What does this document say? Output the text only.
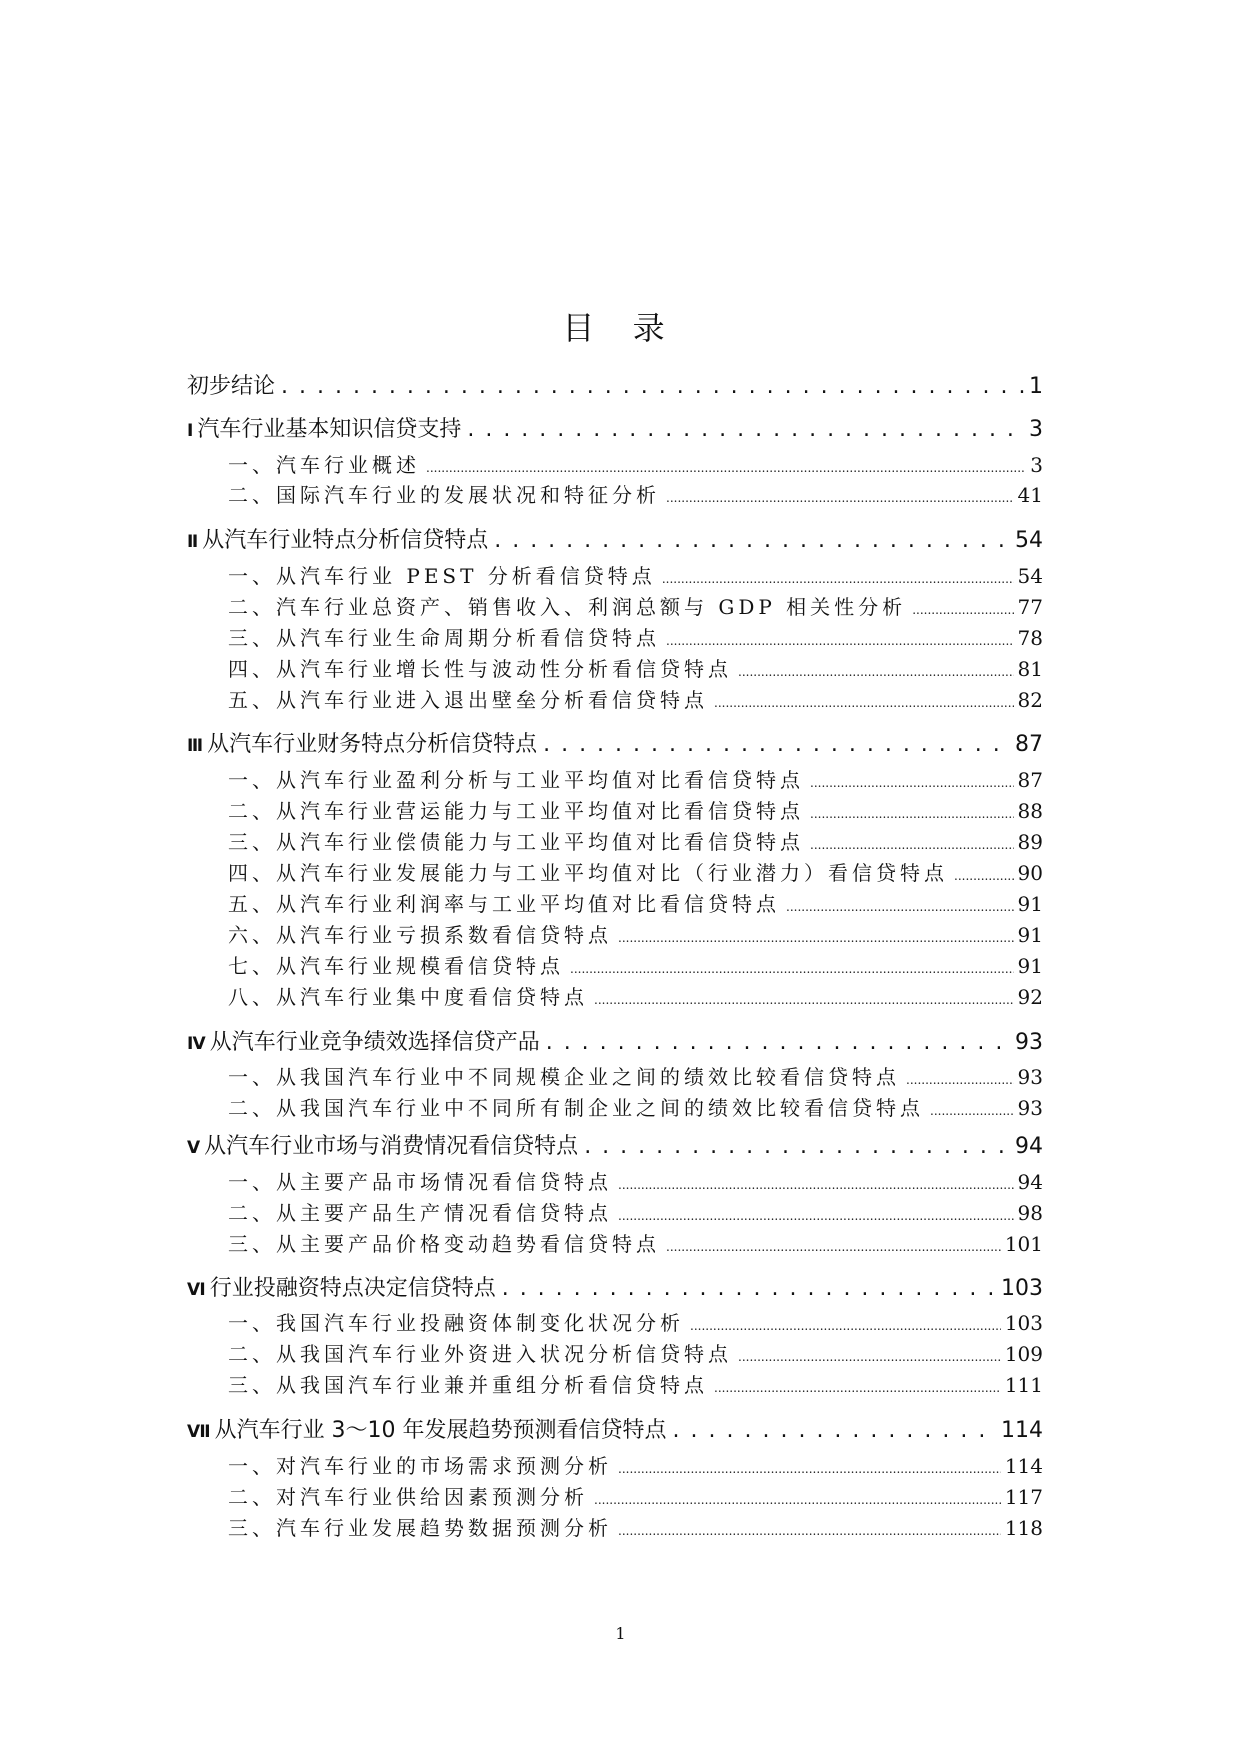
目 录
初步结论 . . .	1
Ⅰ 汽车行业基本知识信贷支持 . . .	3
一、汽车行业概述 .....	3
二、国际汽车行业的发展状况和特征分析 .....	41
Ⅱ 从汽车行业特点分析信贷特点 . . .	54
一、从汽车行业 PEST 分析看信贷特点 .....	54
二、汽车行业总资产、销售收入、利润总额与 GDP 相关性分析 .....	77
三、从汽车行业生命周期分析看信贷特点 .....	78
四、从汽车行业增长性与波动性分析看信贷特点 .....	81
五、从汽车行业进入退出壁垒分析看信贷特点 .....	82
Ⅲ 从汽车行业财务特点分析信贷特点 . . .	87
一、从汽车行业盈利分析与工业平均值对比看信贷特点 .....	87
二、从汽车行业营运能力与工业平均值对比看信贷特点 .....	88
三、从汽车行业偿债能力与工业平均值对比看信贷特点 .....	89
四、从汽车行业发展能力与工业平均值对比（行业潜力）看信贷特点 .....	90
五、从汽车行业利润率与工业平均值对比看信贷特点 .....	91
六、从汽车行业亏损系数看信贷特点 .....	91
七、从汽车行业规模看信贷特点 .....	91
八、从汽车行业集中度看信贷特点 .....	92
Ⅳ 从汽车行业竞争绩效选择信贷产品 . . .	93
一、从我国汽车行业中不同规模企业之间的绩效比较看信贷特点 .....	93
二、从我国汽车行业中不同所有制企业之间的绩效比较看信贷特点 .....	93
Ⅴ 从汽车行业市场与消费情况看信贷特点 . . .	94
一、从主要产品市场情况看信贷特点 .....	94
二、从主要产品生产情况看信贷特点 .....	98
三、从主要产品价格变动趋势看信贷特点 .....	101
Ⅵ 行业投融资特点决定信贷特点 . . .	103
一、我国汽车行业投融资体制变化状况分析 .....	103
二、从我国汽车行业外资进入状况分析信贷特点 .....	109
三、从我国汽车行业兼并重组分析看信贷特点 .....	111
Ⅶ 从汽车行业 3～10 年发展趋势预测看信贷特点 . . .	114
一、对汽车行业的市场需求预测分析 .....	114
二、对汽车行业供给因素预测分析 .....	117
三、汽车行业发展趋势数据预测分析 .....	118
1
